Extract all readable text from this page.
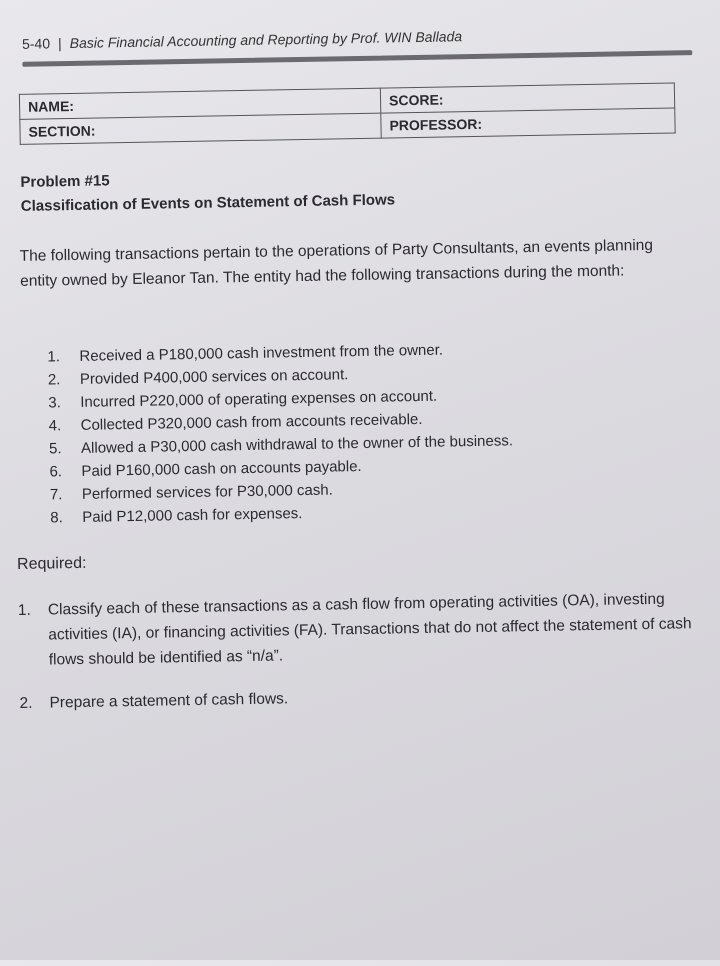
5-40 | Basic Financial Accounting and Reporting by Prof. WIN Ballada
NAME:	SCORE:
SECTION:	PROFESSOR:
Problem #15
Classification of Events on Statement of Cash Flows
The following transactions pertain to the operations of Party Consultants, an events planning entity owned by Eleanor Tan. The entity had the following transactions during the month:
1.	Received a P180,000 cash investment from the owner.
2.	Provided P400,000 services on account.
3.	Incurred P220,000 of operating expenses on account.
4.	Collected P320,000 cash from accounts receivable.
5.	Allowed a P30,000 cash withdrawal to the owner of the business.
6.	Paid P160,000 cash on accounts payable.
7.	Performed services for P30,000 cash.
8.	Paid P12,000 cash for expenses.
Required:
1.	Classify each of these transactions as a cash flow from operating activities (OA), investing activities (IA), or financing activities (FA). Transactions that do not affect the statement of cash flows should be identified as “n/a”.
2.	Prepare a statement of cash flows.
